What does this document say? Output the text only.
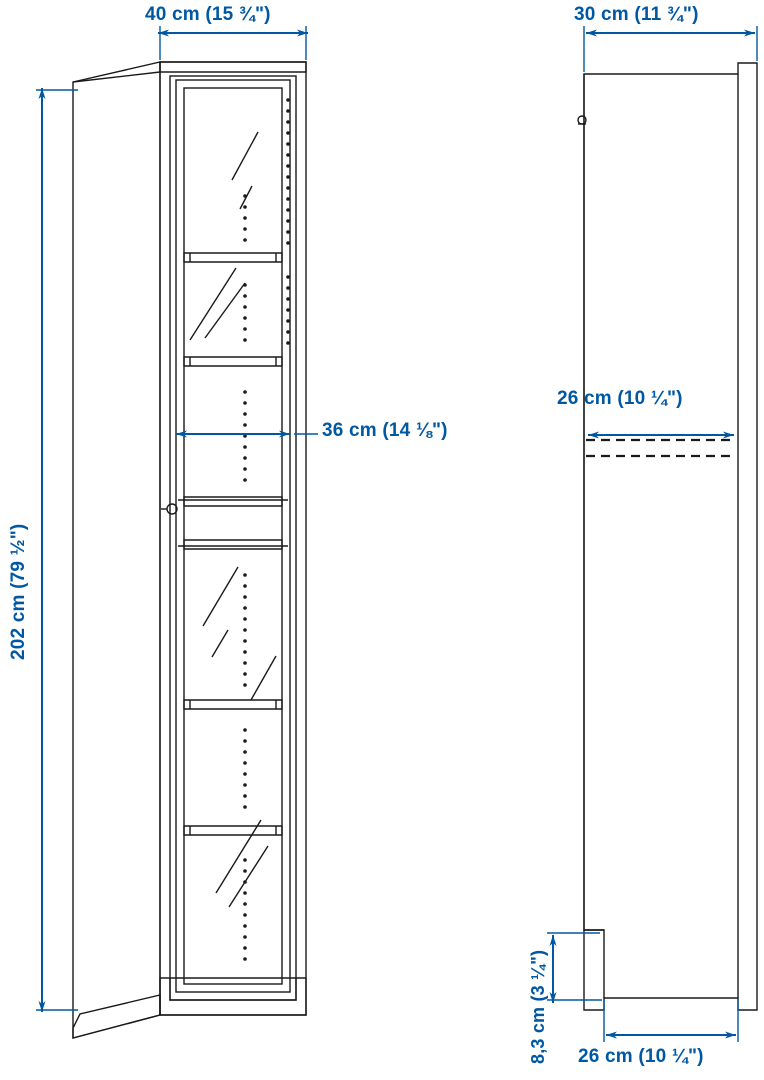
40 cm (15 ¾")
202 cm (79 ½")
36 cm (14 ⅛")
30 cm (11 ¾")
26 cm (10 ¼")
8,3 cm (3 ¼") 26 cm (10 ¼")
